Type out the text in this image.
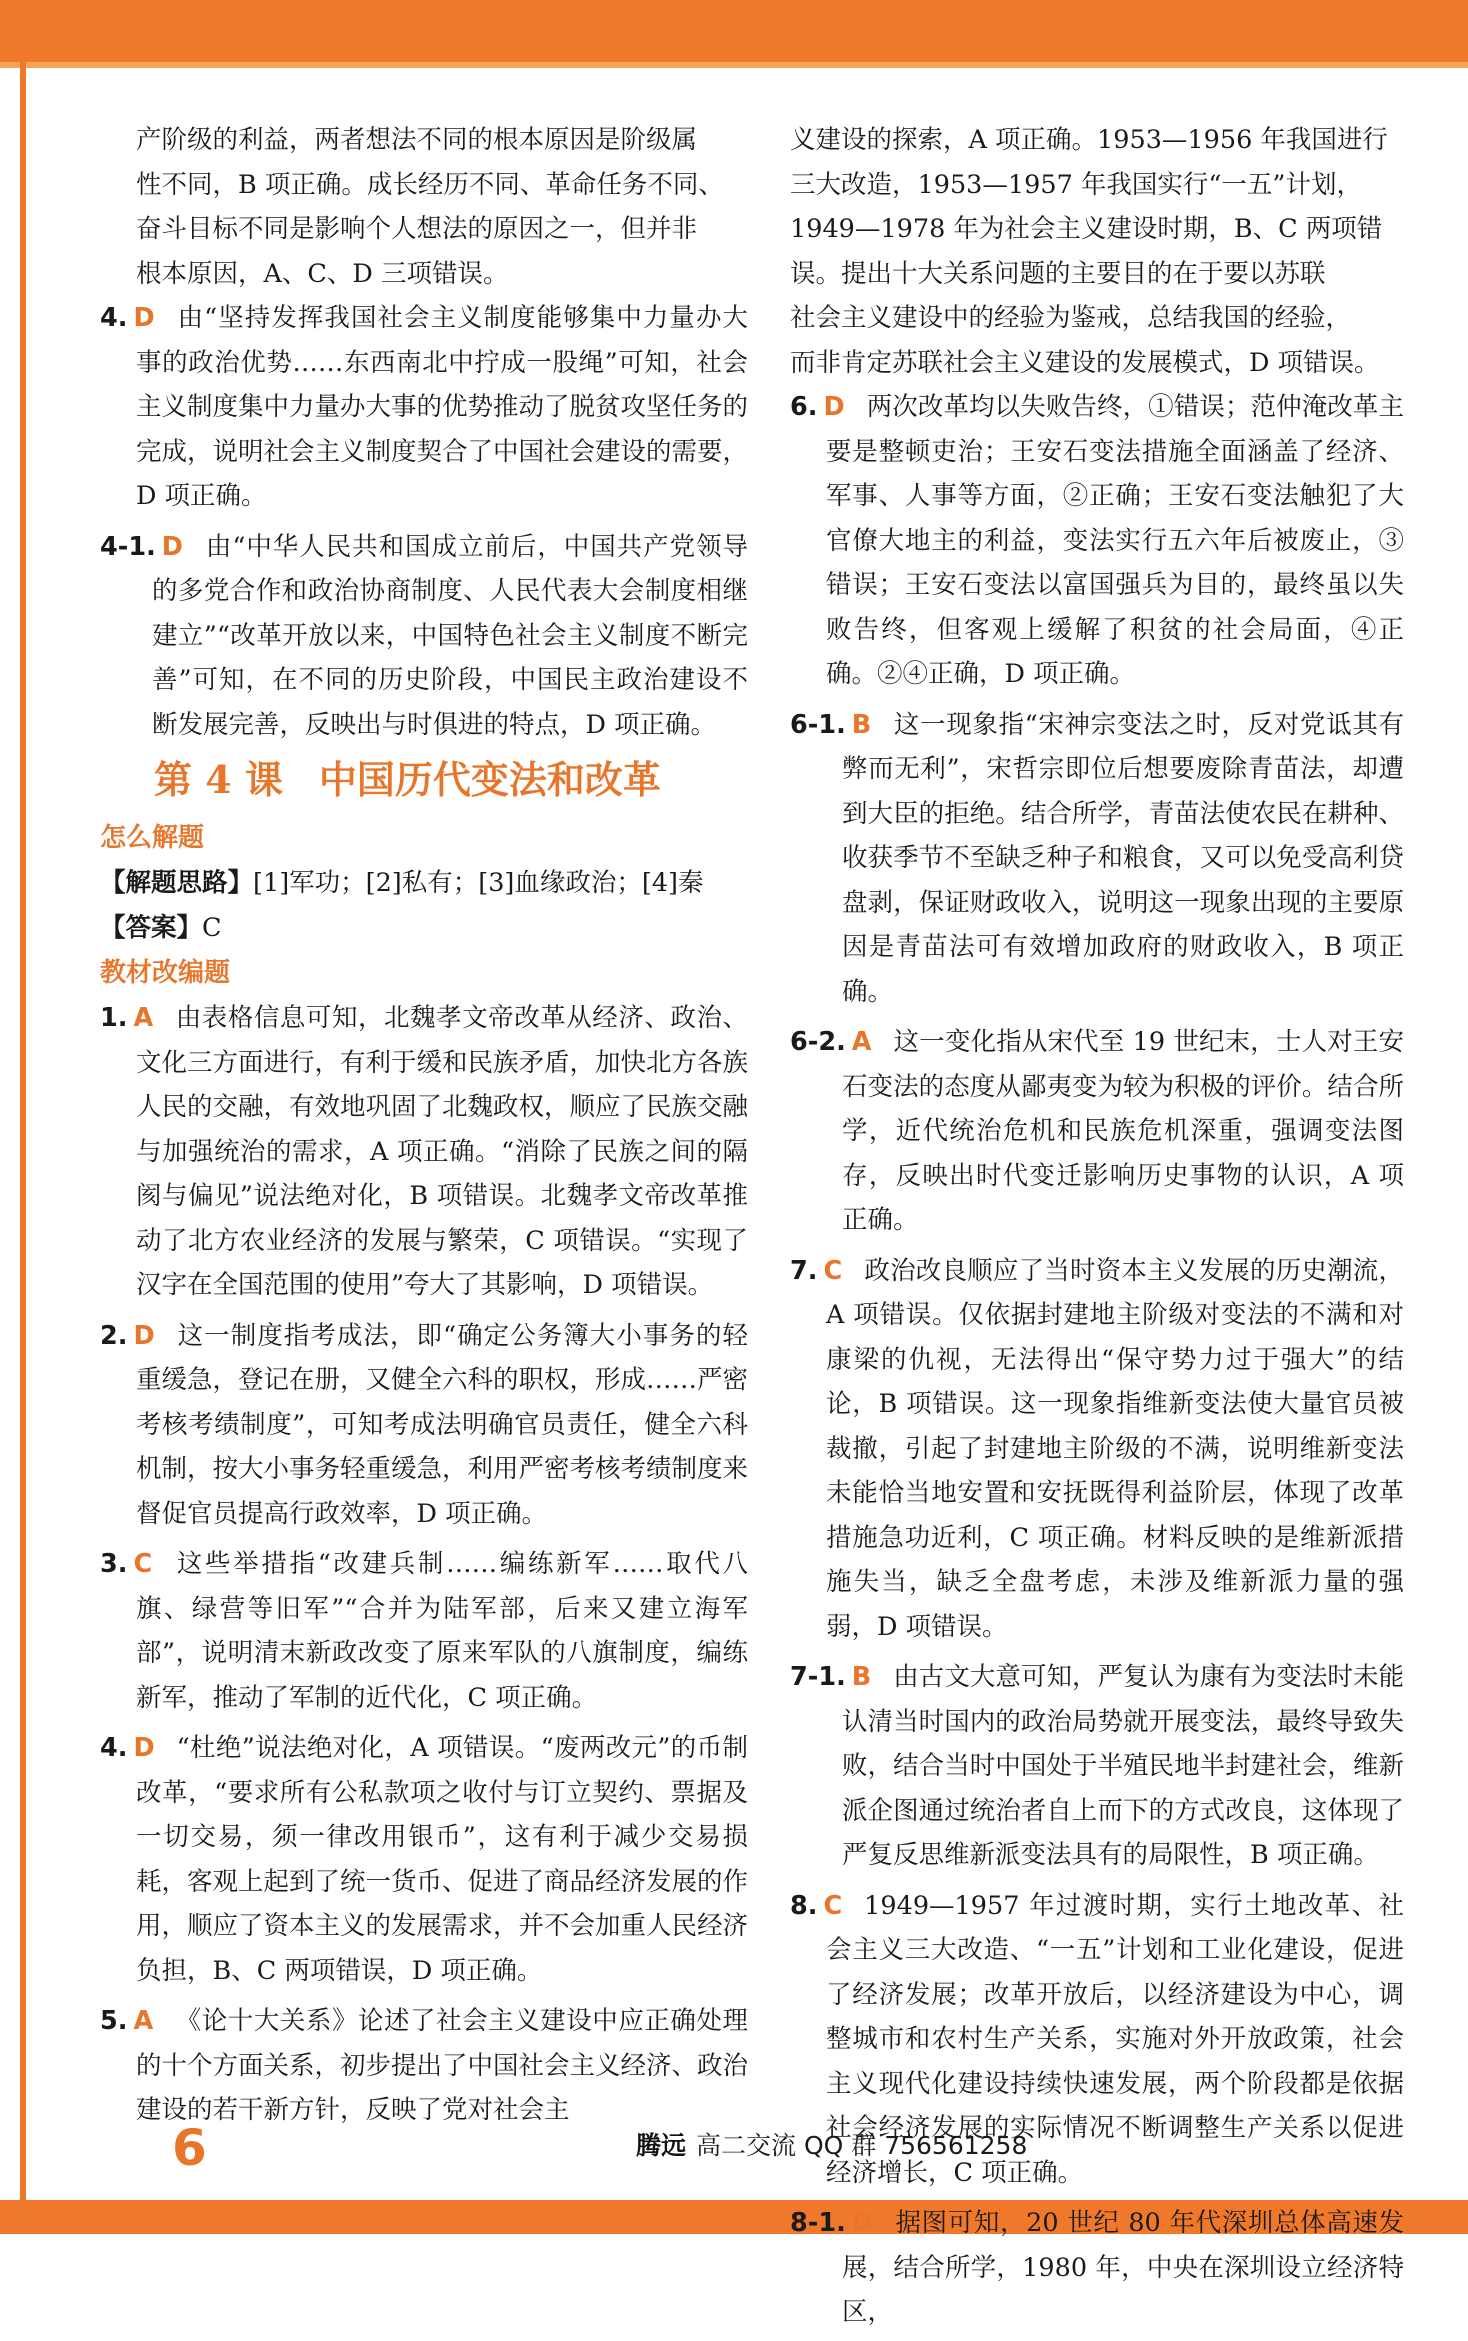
产阶级的利益，两者想法不同的根本原因是阶级属

性不同，B 项正确。成长经历不同、革命任务不同、

奋斗目标不同是影响个人想法的原因之一，但并非

根本原因，A、C、D 三项错误。

4. D 由“坚持发挥我国社会主义制度能够集中力量办大事的政治优势……东西南北中拧成一股绳”可知，社会主义制度集中力量办大事的优势推动了脱贫攻坚任务的完成，说明社会主义制度契合了中国社会建设的需要，D 项正确。

4-1. D 由“中华人民共和国成立前后，中国共产党领导的多党合作和政治协商制度、人民代表大会制度相继建立”“改革开放以来，中国特色社会主义制度不断完善”可知，在不同的历史阶段，中国民主政治建设不断发展完善，反映出与时俱进的特点，D 项正确。

第 4 课 中国历代变法和改革

怎么解题

【解题思路】[1]军功；[2]私有；[3]血缘政治；[4]秦

【答案】C

教材改编题

1. A 由表格信息可知，北魏孝文帝改革从经济、政治、文化三方面进行，有利于缓和民族矛盾，加快北方各族人民的交融，有效地巩固了北魏政权，顺应了民族交融与加强统治的需求，A 项正确。“消除了民族之间的隔阂与偏见”说法绝对化，B 项错误。北魏孝文帝改革推动了北方农业经济的发展与繁荣，C 项错误。“实现了汉字在全国范围的使用”夸大了其影响，D 项错误。

2. D 这一制度指考成法，即“确定公务簿大小事务的轻重缓急，登记在册，又健全六科的职权，形成……严密考核考绩制度”，可知考成法明确官员责任，健全六科机制，按大小事务轻重缓急，利用严密考核考绩制度来督促官员提高行政效率，D 项正确。

3. C 这些举措指“改建兵制……编练新军……取代八旗、绿营等旧军”“合并为陆军部，后来又建立海军部”，说明清末新政改变了原来军队的八旗制度，编练新军，推动了军制的近代化，C 项正确。

4. D “杜绝”说法绝对化，A 项错误。“废两改元”的币制改革，“要求所有公私款项之收付与订立契约、票据及一切交易，须一律改用银币”，这有利于减少交易损耗，客观上起到了统一货币、促进了商品经济发展的作用，顺应了资本主义的发展需求，并不会加重人民经济负担，B、C 两项错误，D 项正确。

5. A 《论十大关系》论述了社会主义建设中应正确处理的十个方面关系，初步提出了中国社会主义经济、政治建设的若干新方针，反映了党对社会主

义建设的探索，A 项正确。1953—1956 年我国进行

三大改造，1953—1957 年我国实行“一五”计划，

1949—1978 年为社会主义建设时期，B、C 两项错

误。提出十大关系问题的主要目的在于要以苏联

社会主义建设中的经验为鉴戒，总结我国的经验，

而非肯定苏联社会主义建设的发展模式，D 项错误。

6. D 两次改革均以失败告终，①错误；范仲淹改革主要是整顿吏治；王安石变法措施全面涵盖了经济、军事、人事等方面，②正确；王安石变法触犯了大官僚大地主的利益，变法实行五六年后被废止，③错误；王安石变法以富国强兵为目的，最终虽以失败告终，但客观上缓解了积贫的社会局面，④正确。②④正确，D 项正确。

6-1. B 这一现象指“宋神宗变法之时，反对党诋其有弊而无利”，宋哲宗即位后想要废除青苗法，却遭到大臣的拒绝。结合所学，青苗法使农民在耕种、收获季节不至缺乏种子和粮食，又可以免受高利贷盘剥，保证财政收入，说明这一现象出现的主要原因是青苗法可有效增加政府的财政收入，B 项正确。

6-2. A 这一变化指从宋代至 19 世纪末，士人对王安石变法的态度从鄙夷变为较为积极的评价。结合所学，近代统治危机和民族危机深重，强调变法图存，反映出时代变迁影响历史事物的认识，A 项正确。

7. C 政治改良顺应了当时资本主义发展的历史潮流，A 项错误。仅依据封建地主阶级对变法的不满和对康梁的仇视，无法得出“保守势力过于强大”的结论，B 项错误。这一现象指维新变法使大量官员被裁撤，引起了封建地主阶级的不满，说明维新变法未能恰当地安置和安抚既得利益阶层，体现了改革措施急功近利，C 项正确。材料反映的是维新派措施失当，缺乏全盘考虑，未涉及维新派力量的强弱，D 项错误。

7-1. B 由古文大意可知，严复认为康有为变法时未能认清当时国内的政治局势就开展变法，最终导致失败，结合当时中国处于半殖民地半封建社会，维新派企图通过统治者自上而下的方式改良，这体现了严复反思维新派变法具有的局限性，B 项正确。

8. C 1949—1957 年过渡时期，实行土地改革、社会主义三大改造、“一五”计划和工业化建设，促进了经济发展；改革开放后，以经济建设为中心，调整城市和农村生产关系，实施对外开放政策，社会主义现代化建设持续快速发展，两个阶段都是依据社会经济发展的实际情况不断调整生产关系以促进经济增长，C 项正确。

8-1. D 据图可知，20 世纪 80 年代深圳总体高速发展，结合所学，1980 年，中央在深圳设立经济特区，

6	腾远 高二交流 QQ 群 756561258
